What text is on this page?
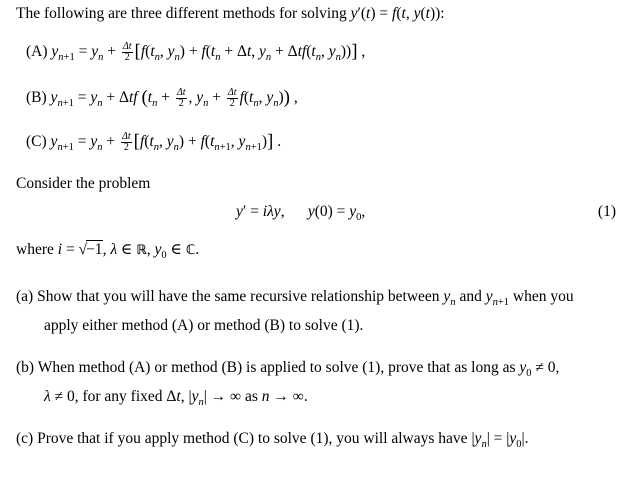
The following are three different methods for solving y′(t) = f(t, y(t)):
(A) $y_{n+1} = y_n + \frac{\Delta t}{2} [f(t_n$, $y_n) + f(t_n + \Delta t$, $y_n + \Delta tf(t_n$, $y_n$))] ,
(B) $y_{n+1} = y_n + \Delta tf$ ($t_n + \frac{\Delta t}{2}$ , $y_n + \frac{\Delta t}{2} f(t_n$, $y_n$)) ,
(C) $y_{n+1} = y_n + \frac{\Delta t}{2} [f(t_n$, $y_n) + f(t_{n+1}$, $y_{n+1}$)] .
Consider the problem
y′ = iλy,      $y(0) = y_0$,	(1)
where i = √−1, λ ∈ ℝ, $y_0$ ∈ ℂ.
(a) Show that you will have the same recursive relationship between $y_n$ and $y_{n+1}$ when you
apply either method (A) or method (B) to solve (1).
(b) When method (A) or method (B) is applied to solve (1), prove that as long as $y_0 \ne 0$,
λ ≠ 0, for any fixed Δt, $|y_n|$ → ∞ as n → ∞.
(c) Prove that if you apply method (C) to solve (1), you will always have $|y_n| = |y_0|$.
